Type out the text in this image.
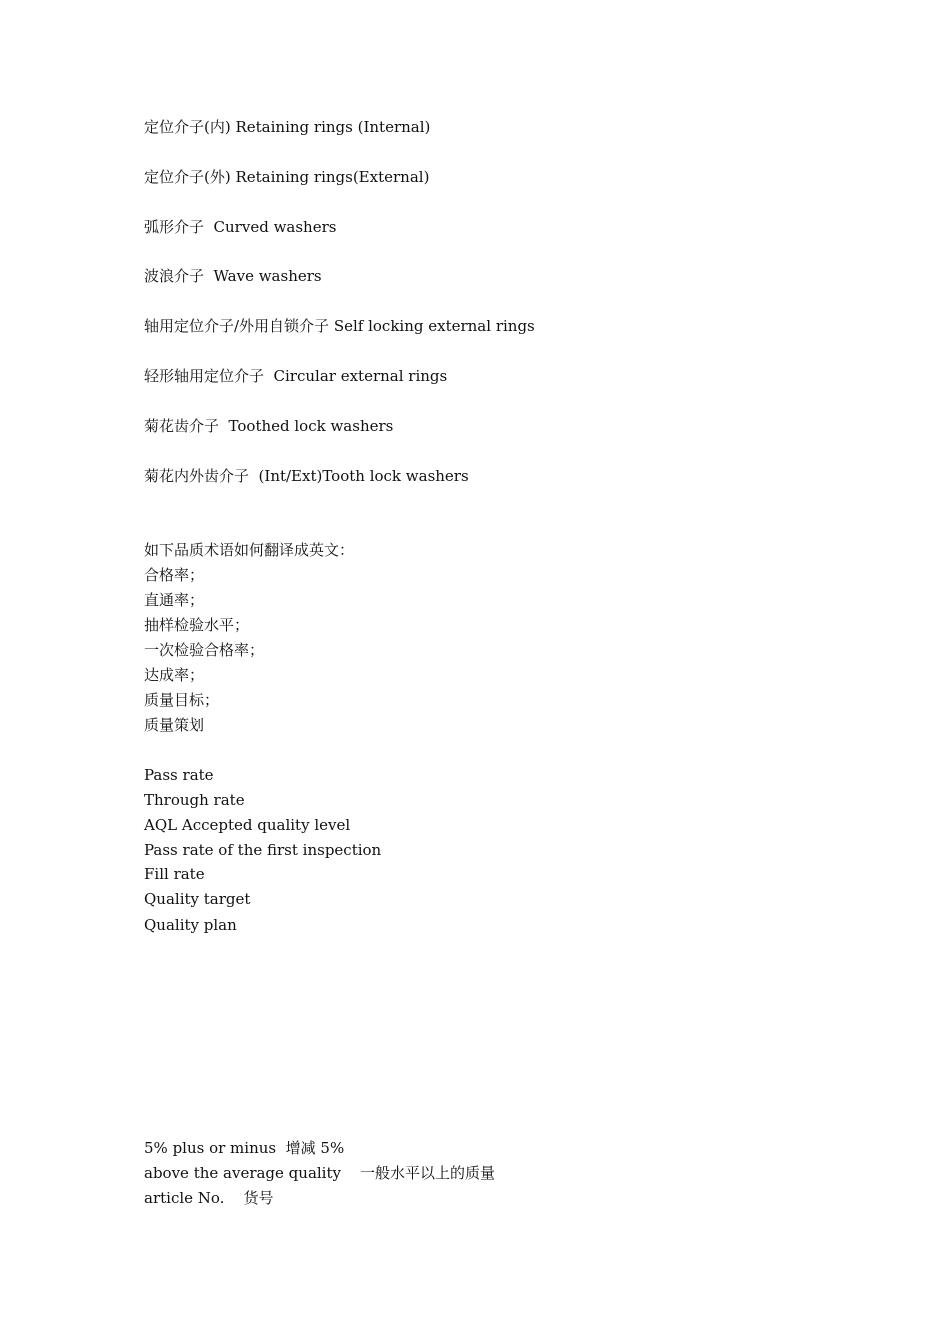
定位介子(内) Retaining rings (Internal)
定位介子(外) Retaining rings(External)
弧形介子  Curved washers
波浪介子  Wave washers
轴用定位介子/外用自锁介子 Self locking external rings
轻形轴用定位介子  Circular external rings
菊花齿介子  Toothed lock washers
菊花内外齿介子  (Int/Ext)Tooth lock washers
如下品质术语如何翻译成英文：
合格率；
直通率；
抽样检验水平；
一次检验合格率；
达成率；
质量目标；
质量策划
Pass rate
Through rate
AQL Accepted quality level
Pass rate of the first inspection
Fill rate
Quality target
Quality plan
5% plus or minus  增减 5%
above the average quality    一般水平以上的质量
article No.    货号
